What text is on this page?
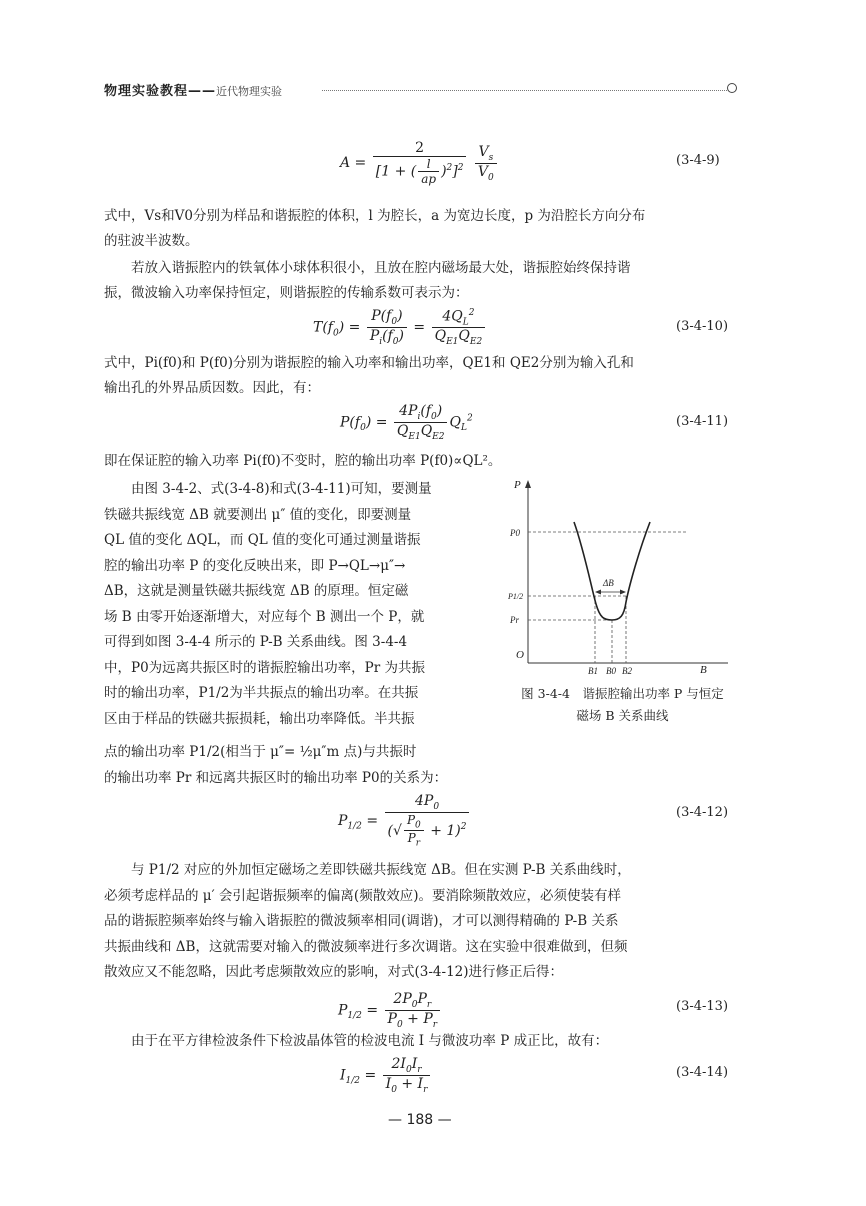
物理实验教程——近代物理实验
$A = \frac{2}{[1 + ( \frac{l}{ap} )^2]^2}$
$\frac{V_s}{V_0}$	(3-4-9)
式中，Vs和V0分别为样品和谐振腔的体积，l 为腔长，a 为宽边长度，p 为沿腔长方向分布
的驻波半波数。
若放入谐振腔内的铁氧体小球体积很小，且放在腔内磁场最大处，谐振腔始终保持谐
振，微波输入功率保持恒定，则谐振腔的传输系数可表示为：
$T(f_0) = \frac{P(f_0)}{P_i(f_0)} = \frac{4Q_L^2}{Q_{E1}Q_{E2}}$	(3-4-10)
式中，Pi(f0)和 P(f0)分别为谐振腔的输入功率和输出功率，QE1和 QE2分别为输入孔和
输出孔的外界品质因数。因此，有：
$P(f_0) = \frac{4P_i(f_0)}{Q_{E1}Q_{E2}} Q_L^2$	(3-4-11)
即在保证腔的输入功率 Pi(f0)不变时，腔的输出功率 P(f0)∝QL²。
由图 3-4-2、式(3-4-8)和式(3-4-11)可知，要测量
铁磁共振线宽 ΔB 就要测出 μ″ 值的变化，即要测量
QL 值的变化 ΔQL，而 QL 值的变化可通过测量谐振
腔的输出功率 P 的变化反映出来，即 P→QL→μ″→
ΔB，这就是测量铁磁共振线宽 ΔB 的原理。恒定磁
场 B 由零开始逐渐增大，对应每个 B 测出一个 P，就
可得到如图 3-4-4 所示的 P-B 关系曲线。图 3-4-4
中，P0为远离共振区时的谐振腔输出功率，Pr 为共振
时的输出功率，P1/2为半共振点的输出功率。在共振
区由于样品的铁磁共振损耗，输出功率降低。半共振
P
B
O
P0
P1/2
Pr
B1 B0 B2
ΔB
图 3-4-4　谐振腔输出功率 P 与恒定
磁场 B 关系曲线
点的输出功率 P1/2(相当于 μ″= ½μ″m 点)与共振时
的输出功率 Pr 和远离共振区时的输出功率 P0的关系为：
$P_{1/2} = \frac{4P_0}{(√ \frac{P_0}{P_r} + 1)^2}$	(3-4-12)
与 P1/2 对应的外加恒定磁场之差即铁磁共振线宽 ΔB。但在实测 P-B 关系曲线时，
必须考虑样品的 μ′ 会引起谐振频率的偏离(频散效应)。要消除频散效应，必须使装有样
品的谐振腔频率始终与输入谐振腔的微波频率相同(调谐)，才可以测得精确的 P-B 关系
共振曲线和 ΔB，这就需要对输入的微波频率进行多次调谐。这在实验中很难做到，但频
散效应又不能忽略，因此考虑频散效应的影响，对式(3-4-12)进行修正后得：
$P_{1/2} = \frac{2P_0P_r}{P_0 + P_r}$	(3-4-13)
由于在平方律检波条件下检波晶体管的检波电流 I 与微波功率 P 成正比，故有：
$I_{1/2} = \frac{2I_0I_r}{I_0 + I_r}$	(3-4-14)
— 188 —
